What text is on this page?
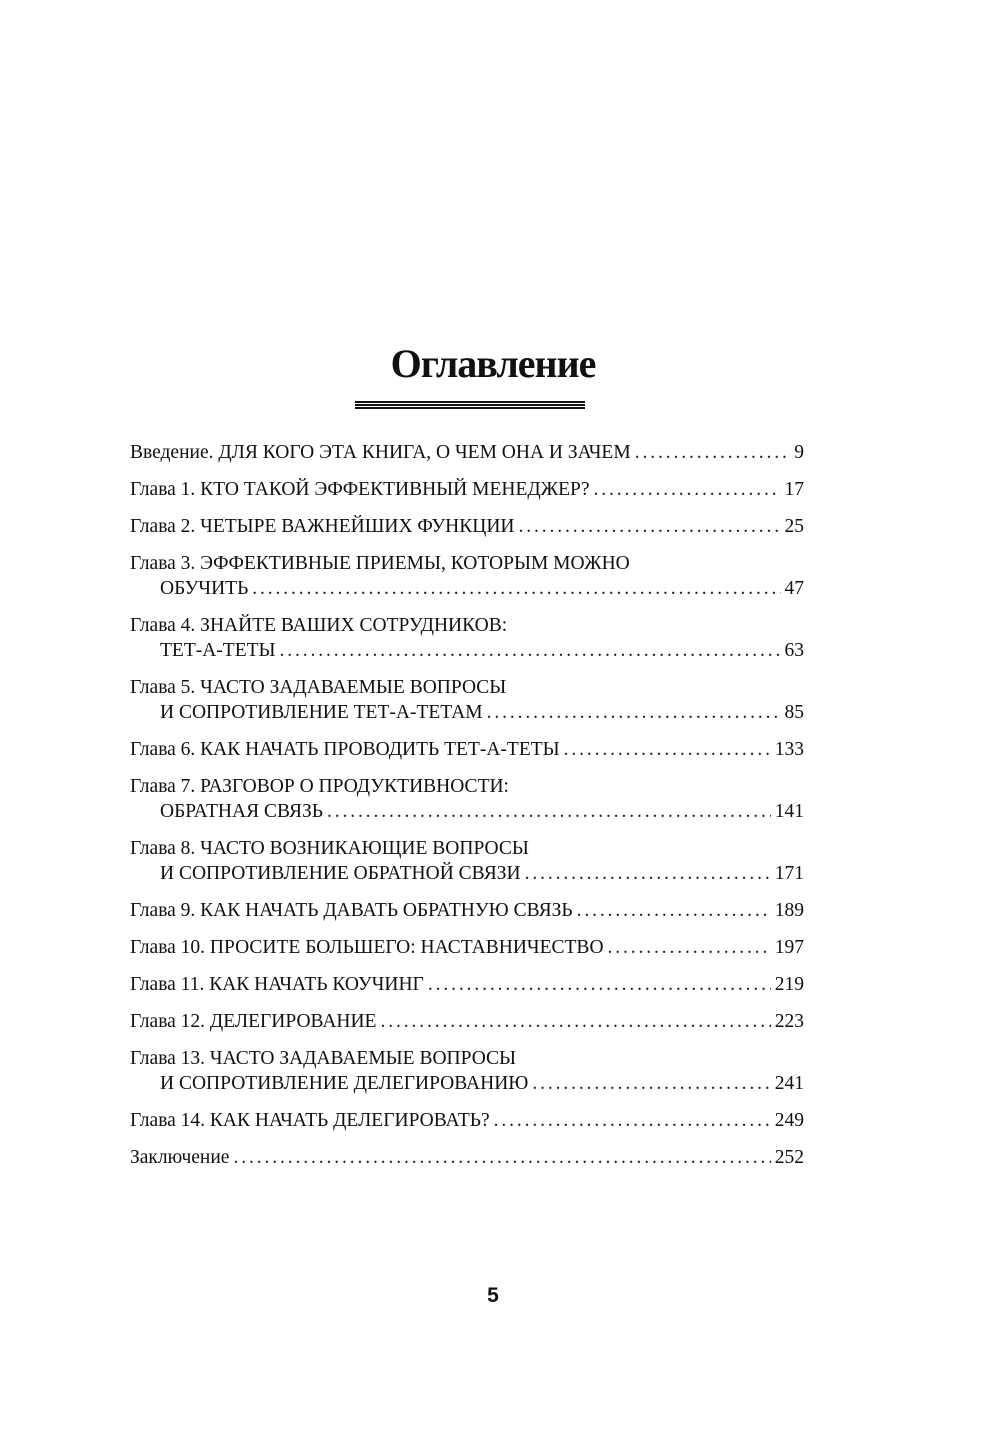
Оглавление
Введение. ДЛЯ КОГО ЭТА КНИГА, О ЧЕМ ОНА И ЗАЧЕМ . . .	9
Глава 1. КТО ТАКОЙ ЭФФЕКТИВНЫЙ МЕНЕДЖЕР? . . .	17
Глава 2. ЧЕТЫРЕ ВАЖНЕЙШИХ ФУНКЦИИ . . .	25
Глава 3. ЭФФЕКТИВНЫЕ ПРИЕМЫ, КОТОРЫМ МОЖНО
ОБУЧИТЬ . . .	47
Глава 4. ЗНАЙТЕ ВАШИХ СОТРУДНИКОВ:
ТЕТ-А-ТЕТЫ . . .	63
Глава 5. ЧАСТО ЗАДАВАЕМЫЕ ВОПРОСЫ
И СОПРОТИВЛЕНИЕ ТЕТ-А-ТЕТАМ . . .	85
Глава 6. КАК НАЧАТЬ ПРОВОДИТЬ ТЕТ-А-ТЕТЫ . . .	133
Глава 7. РАЗГОВОР О ПРОДУКТИВНОСТИ:
ОБРАТНАЯ СВЯЗЬ . . .	141
Глава 8. ЧАСТО ВОЗНИКАЮЩИЕ ВОПРОСЫ
И СОПРОТИВЛЕНИЕ ОБРАТНОЙ СВЯЗИ . . .	171
Глава 9. КАК НАЧАТЬ ДАВАТЬ ОБРАТНУЮ СВЯЗЬ . . .	189
Глава 10. ПРОСИТЕ БОЛЬШЕГО: НАСТАВНИЧЕСТВО . . .	197
Глава 11. КАК НАЧАТЬ КОУЧИНГ . . .	219
Глава 12. ДЕЛЕГИРОВАНИЕ . . .	223
Глава 13. ЧАСТО ЗАДАВАЕМЫЕ ВОПРОСЫ
И СОПРОТИВЛЕНИЕ ДЕЛЕГИРОВАНИЮ . . .	241
Глава 14. КАК НАЧАТЬ ДЕЛЕГИРОВАТЬ? . . .	249
Заключение . . .	252
5
